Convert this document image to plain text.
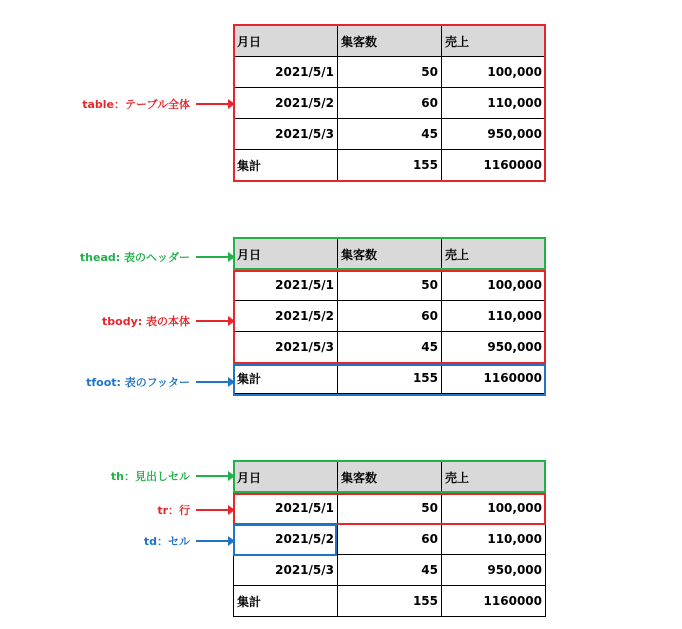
月日	集客数	売上
2021/5/1	50	100,000
2021/5/2	60	110,000
2021/5/3	45	950,000
集計	155	1160000
table：テーブル全体
月日	集客数	売上
2021/5/1	50	100,000
2021/5/2	60	110,000
2021/5/3	45	950,000
集計	155	1160000
thead: 表のヘッダー
tbody: 表の本体
tfoot: 表のフッター
月日	集客数	売上
2021/5/1	50	100,000
2021/5/2	60	110,000
2021/5/3	45	950,000
集計	155	1160000
th：見出しセル
tr：行
td：セル
